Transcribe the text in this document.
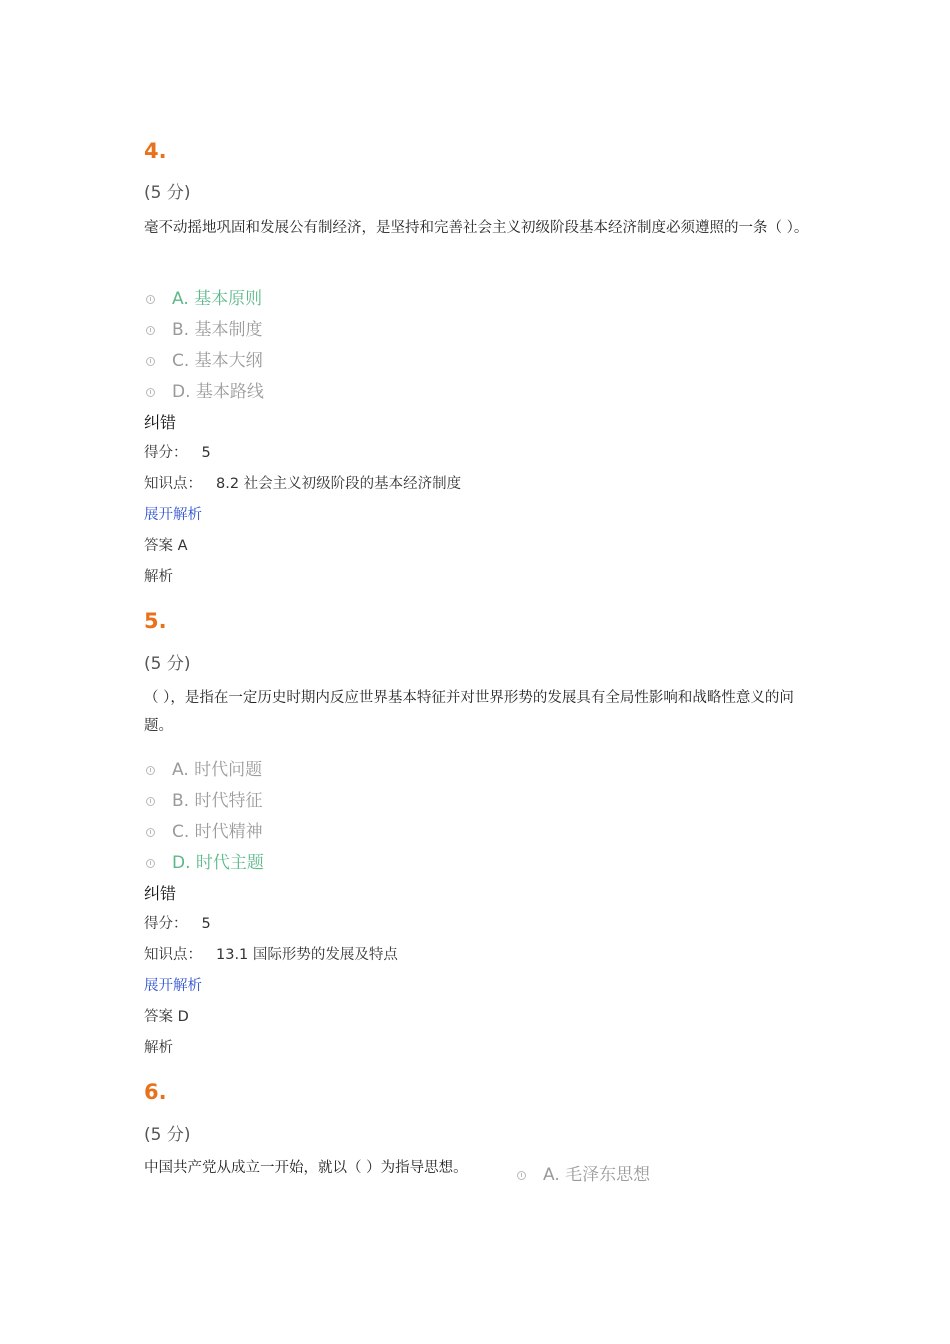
4.
(5 分)
毫不动摇地巩固和发展公有制经济，是坚持和完善社会主义初级阶段基本经济制度必须遵照的一条（ ）。
A. 基本原则
B. 基本制度
C. 基本大纲
D. 基本路线
纠错
得分： 5
知识点： 8.2 社会主义初级阶段的基本经济制度
展开解析
答案 A
解析
5.
(5 分)
（ ），是指在一定历史时期内反应世界基本特征并对世界形势的发展具有全局性影响和战略性意义的问题。
A. 时代问题
B. 时代特征
C. 时代精神
D. 时代主题
纠错
得分： 5
知识点： 13.1 国际形势的发展及特点
展开解析
答案 D
解析
6.
(5 分)
中国共产党从成立一开始，就以（ ）为指导思想。	A. 毛泽东思想
